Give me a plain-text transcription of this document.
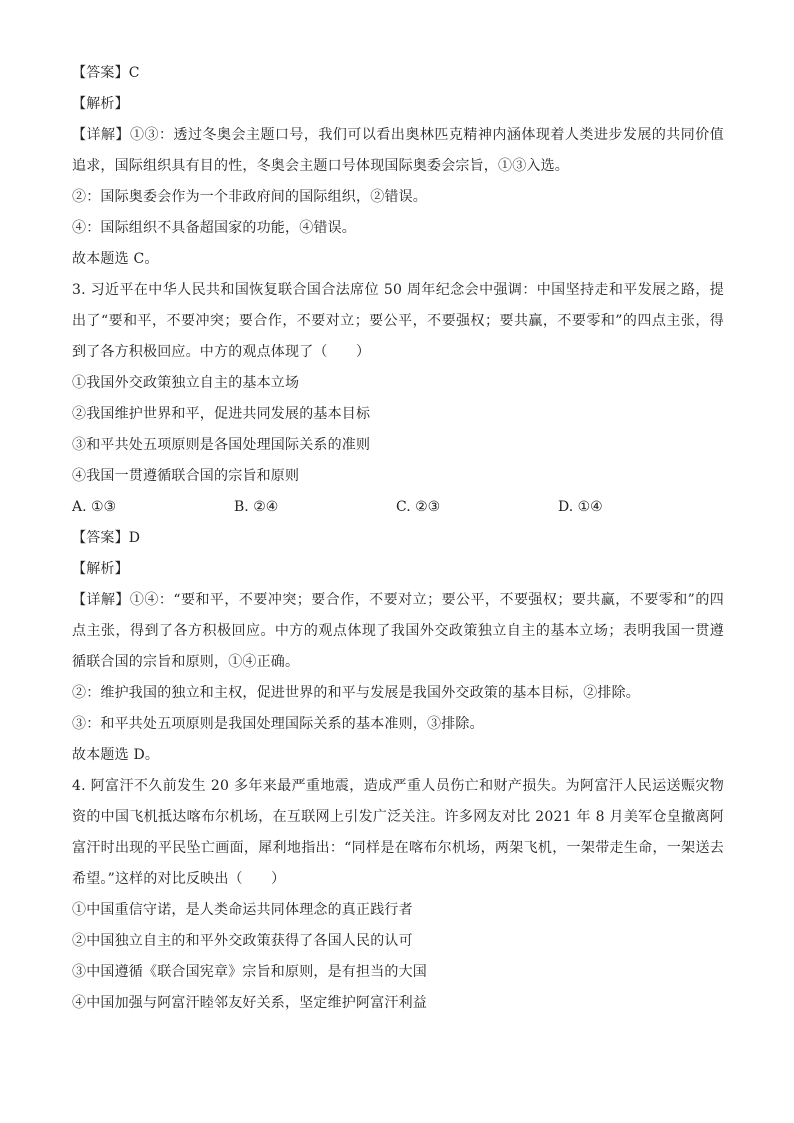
【答案】C
【解析】
【详解】①③：透过冬奥会主题口号，我们可以看出奥林匹克精神内涵体现着人类进步发展的共同价值追求，国际组织具有目的性，冬奥会主题口号体现国际奥委会宗旨，①③入选。
②：国际奥委会作为一个非政府间的国际组织，②错误。
④：国际组织不具备超国家的功能，④错误。
故本题选 C。
3. 习近平在中华人民共和国恢复联合国合法席位 50 周年纪念会中强调：中国坚持走和平发展之路，提出了“要和平，不要冲突；要合作，不要对立；要公平，不要强权；要共赢，不要零和”的四点主张，得到了各方积极回应。中方的观点体现了（　　）
①我国外交政策独立自主的基本立场
②我国维护世界和平，促进共同发展的基本目标
③和平共处五项原则是各国处理国际关系的准则
④我国一贯遵循联合国的宗旨和原则
A. ①③	B. ②④	C. ②③	D. ①④
【答案】D
【解析】
【详解】①④：“要和平，不要冲突；要合作，不要对立；要公平，不要强权；要共赢，不要零和”的四点主张，得到了各方积极回应。中方的观点体现了我国外交政策独立自主的基本立场；表明我国一贯遵循联合国的宗旨和原则，①④正确。
②：维护我国的独立和主权，促进世界的和平与发展是我国外交政策的基本目标，②排除。
③：和平共处五项原则是我国处理国际关系的基本准则，③排除。
故本题选 D。
4. 阿富汗不久前发生 20 多年来最严重地震，造成严重人员伤亡和财产损失。为阿富汗人民运送赈灾物资的中国飞机抵达喀布尔机场，在互联网上引发广泛关注。许多网友对比 2021 年 8 月美军仓皇撤离阿富汗时出现的平民坠亡画面，犀利地指出：“同样是在喀布尔机场，两架飞机，一架带走生命，一架送去希望。”这样的对比反映出（　　）
①中国重信守诺，是人类命运共同体理念的真正践行者
②中国独立自主的和平外交政策获得了各国人民的认可
③中国遵循《联合国宪章》宗旨和原则，是有担当的大国
④中国加强与阿富汗睦邻友好关系，坚定维护阿富汗利益
